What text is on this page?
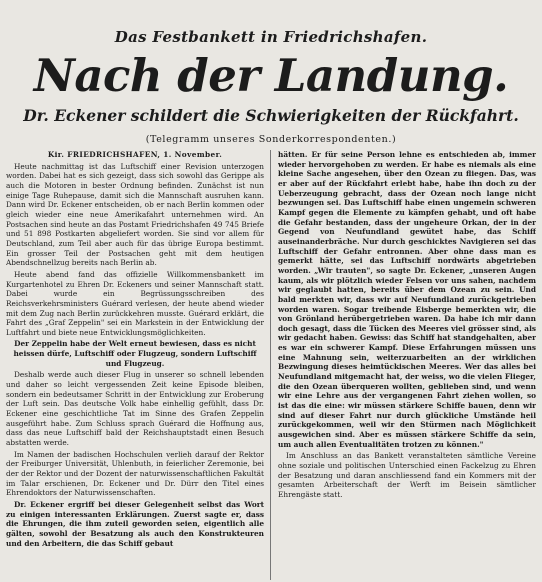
Das Festbankett in Friedrichshafen.
Nach der Landung.
Dr. Eckener schildert die Schwierigkeiten der Rückfahrt.
(Telegramm unseres Sonderkorrespondenten.)

Kir. FRIEDRICHSHAFEN, 1. November.

Heute nachmittag ist das Luftschiff einer Revision unterzogen worden. Dabei hat es sich gezeigt, dass sich sowohl das Gerippe als auch die Motoren in bester Ordnung befinden. Zunächst ist nun einige Tage Ruhepause, damit sich die Mannschaft ausruhen kann. Dann wird Dr. Eckener entscheiden, ob er nach Berlin kommen oder gleich wieder eine neue Amerikafahrt unternehmen wird. An Postsachen sind heute an das Postamt Friedrichshafen 49 745 Briefe und 51 898 Postkarten abgeliefert worden. Sie sind vor allem für Deutschland, zum Teil aber auch für das übrige Europa bestimmt. Ein grosser Teil der Postsachen geht mit dem heutigen Abendschnellzug bereits nach Berlin ab.

Heute abend fand das offizielle Willkommensbankett im Kurgartenhotel zu Ehren Dr. Eckeners und seiner Mannschaft statt. Dabei wurde ein Begrüssungsschreiben des Reichsverkehrsministers Guérard verlesen, der heute abend wieder mit dem Zug nach Berlin zurückkehren musste. Guérard erklärt, die Fahrt des „Graf Zeppelin" sei ein Markstein in der Entwicklung der Luftfahrt und biete neue Entwicklungsmöglichkeiten.

Der Zeppelin habe der Welt erneut bewiesen, dass es nicht heissen dürfe, Luftschiff oder Flugzeug, sondern Luftschiff und Flugzeug.

Deshalb werde auch dieser Flug in unserer so schnell lebenden und daher so leicht vergessenden Zeit keine Episode bleiben, sondern ein bedeutsamer Schritt in der Entwicklung zur Eroberung der Luft sein. Das deutsche Volk habe einhellig gefühlt, dass Dr. Eckener eine geschichtliche Tat im Sinne des Grafen Zeppelin ausgeführt habe. Zum Schluss sprach Guérard die Hoffnung aus, dass das neue Luftschiff bald der Reichshauptstadt einen Besuch abstatten werde.

Im Namen der badischen Hochschulen verlieh darauf der Rektor der Freiburger Universität, Uhlenbuth, in feierlicher Zeremonie, bei der der Rektor und der Dozent der naturwissenschaftlichen Fakultät im Talar erschienen, Dr. Eckener und Dr. Dürr den Titel eines Ehrendoktors der Naturwissenschaften.

Dr. Eckener ergriff bei dieser Gelegenheit selbst das Wort zu einigen interessanten Erklärungen. Zuerst sagte er, dass die Ehrungen, die ihm zuteil geworden seien, eigentlich alle gälten, sowohl der Besatzung als auch den Konstrukteuren und den Arbeitern, die das Schiff gebaut

hätten. Er für seine Person lehne es entschieden ab, immer wieder hervorgehoben zu werden. Er habe es niemals als eine kleine Sache angesehen, über den Ozean zu fliegen. Das, was er aber auf der Rückfahrt erlebt habe, habe ihn doch zu der Ueberzeugung gebracht, dass der Ozean noch lange nicht bezwungen sei. Das Luftschiff habe einen ungemein schweren Kampf gegen die Elemente zu kämpfen gehabt, und oft habe die Gefahr bestanden, dass der ungeheure Orkan, der in der Gegend von Neufundland gewütet habe, das Schiff auseinanderbräche. Nur durch geschicktes Navigieren sei das Luftschiff der Gefahr entronnen. Aber ohne dass man es gemerkt hätte, sei das Luftschiff nordwärts abgetrieben worden. „Wir trauten", so sagte Dr. Eckener, „unseren Augen kaum, als wir plötzlich wieder Felsen vor uns sahen, nachdem wir geglaubt hatten, bereits über dem Ozean zu sein. Und bald merkten wir, dass wir auf Neufundland zurückgetrieben worden waren. Sogar treibende Eisberge bemerkten wir, die von Grönland herübergetrieben waren. Da habe ich mir dann doch gesagt, dass die Tücken des Meeres viel grösser sind, als wir gedacht haben. Gewiss: das Schiff hat standgehalten, aber es war ein schwerer Kampf. Diese Erfahrungen müssen uns eine Mahnung sein, weiterzuarbeiten an der wirklichen Bezwingung dieses heimtückischen Meeres. Wer das alles bei Neufundland mitgemacht hat, der weiss, wo die vielen Flieger, die den Ozean überqueren wollten, geblieben sind, und wenn wir eine Lehre aus der vergangenen Fahrt ziehen wollen, so ist das die eine: wir müssen stärkere Schiffe bauen, denn wir sind auf dieser Fahrt nur durch glückliche Umstände heil zurückgekommen, weil wir den Stürmen nach Möglichkeit ausgewichen sind. Aber es müssen stärkere Schiffe da sein, um auch allen Eventualitäten trotzen zu können."

Im Anschluss an das Bankett veranstalteten sämtliche Vereine ohne soziale und politischen Unterschied einen Fackelzug zu Ehren der Besatzung und daran anschliessend fand ein Kommers mit der gesamten Arbeiterschaft der Werft im Beisein sämtlicher Ehrengäste statt.
